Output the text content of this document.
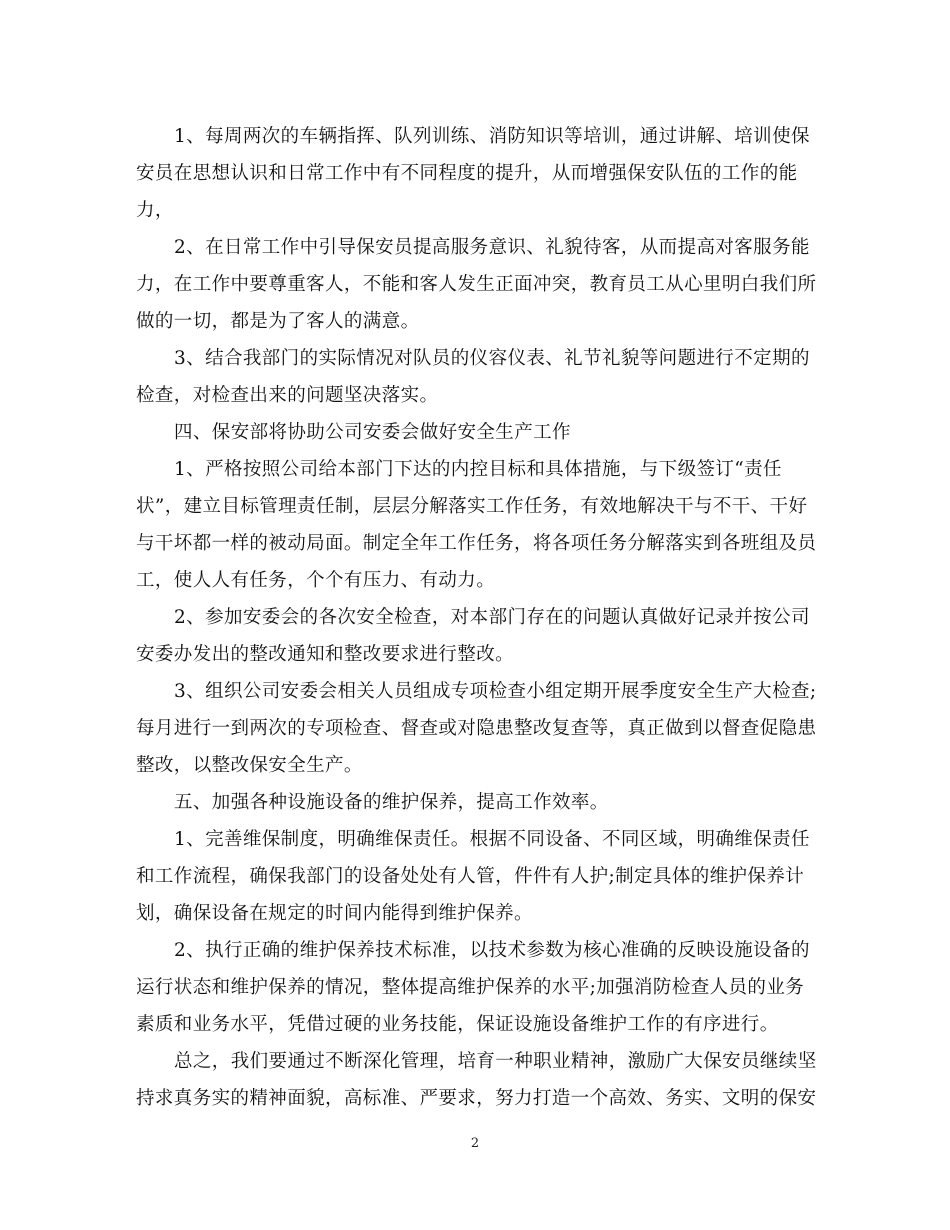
1、每周两次的车辆指挥、队列训练、消防知识等培训，通过讲解、培训使保
安员在思想认识和日常工作中有不同程度的提升，从而增强保安队伍的工作的能
力，
2、在日常工作中引导保安员提高服务意识、礼貌待客，从而提高对客服务能
力，在工作中要尊重客人，不能和客人发生正面冲突，教育员工从心里明白我们所
做的一切，都是为了客人的满意。
3、结合我部门的实际情况对队员的仪容仪表、礼节礼貌等问题进行不定期的
检查，对检查出来的问题坚决落实。
四、保安部将协助公司安委会做好安全生产工作
1、严格按照公司给本部门下达的内控目标和具体措施，与下级签订“责任
状”，建立目标管理责任制，层层分解落实工作任务，有效地解决干与不干、干好
与干坏都一样的被动局面。制定全年工作任务，将各项任务分解落实到各班组及员
工，使人人有任务，个个有压力、有动力。
2、参加安委会的各次安全检查，对本部门存在的问题认真做好记录并按公司
安委办发出的整改通知和整改要求进行整改。
3、组织公司安委会相关人员组成专项检查小组定期开展季度安全生产大检查;
每月进行一到两次的专项检查、督查或对隐患整改复查等，真正做到以督查促隐患
整改，以整改保安全生产。
五、加强各种设施设备的维护保养，提高工作效率。
1、完善维保制度，明确维保责任。根据不同设备、不同区域，明确维保责任
和工作流程，确保我部门的设备处处有人管，件件有人护;制定具体的维护保养计
划，确保设备在规定的时间内能得到维护保养。
2、执行正确的维护保养技术标准，以技术参数为核心准确的反映设施设备的
运行状态和维护保养的情况，整体提高维护保养的水平;加强消防检查人员的业务
素质和业务水平，凭借过硬的业务技能，保证设施设备维护工作的有序进行。
总之，我们要通过不断深化管理，培育一种职业精神，激励广大保安员继续坚
持求真务实的精神面貌，高标准、严要求，努力打造一个高效、务实、文明的保安
2
